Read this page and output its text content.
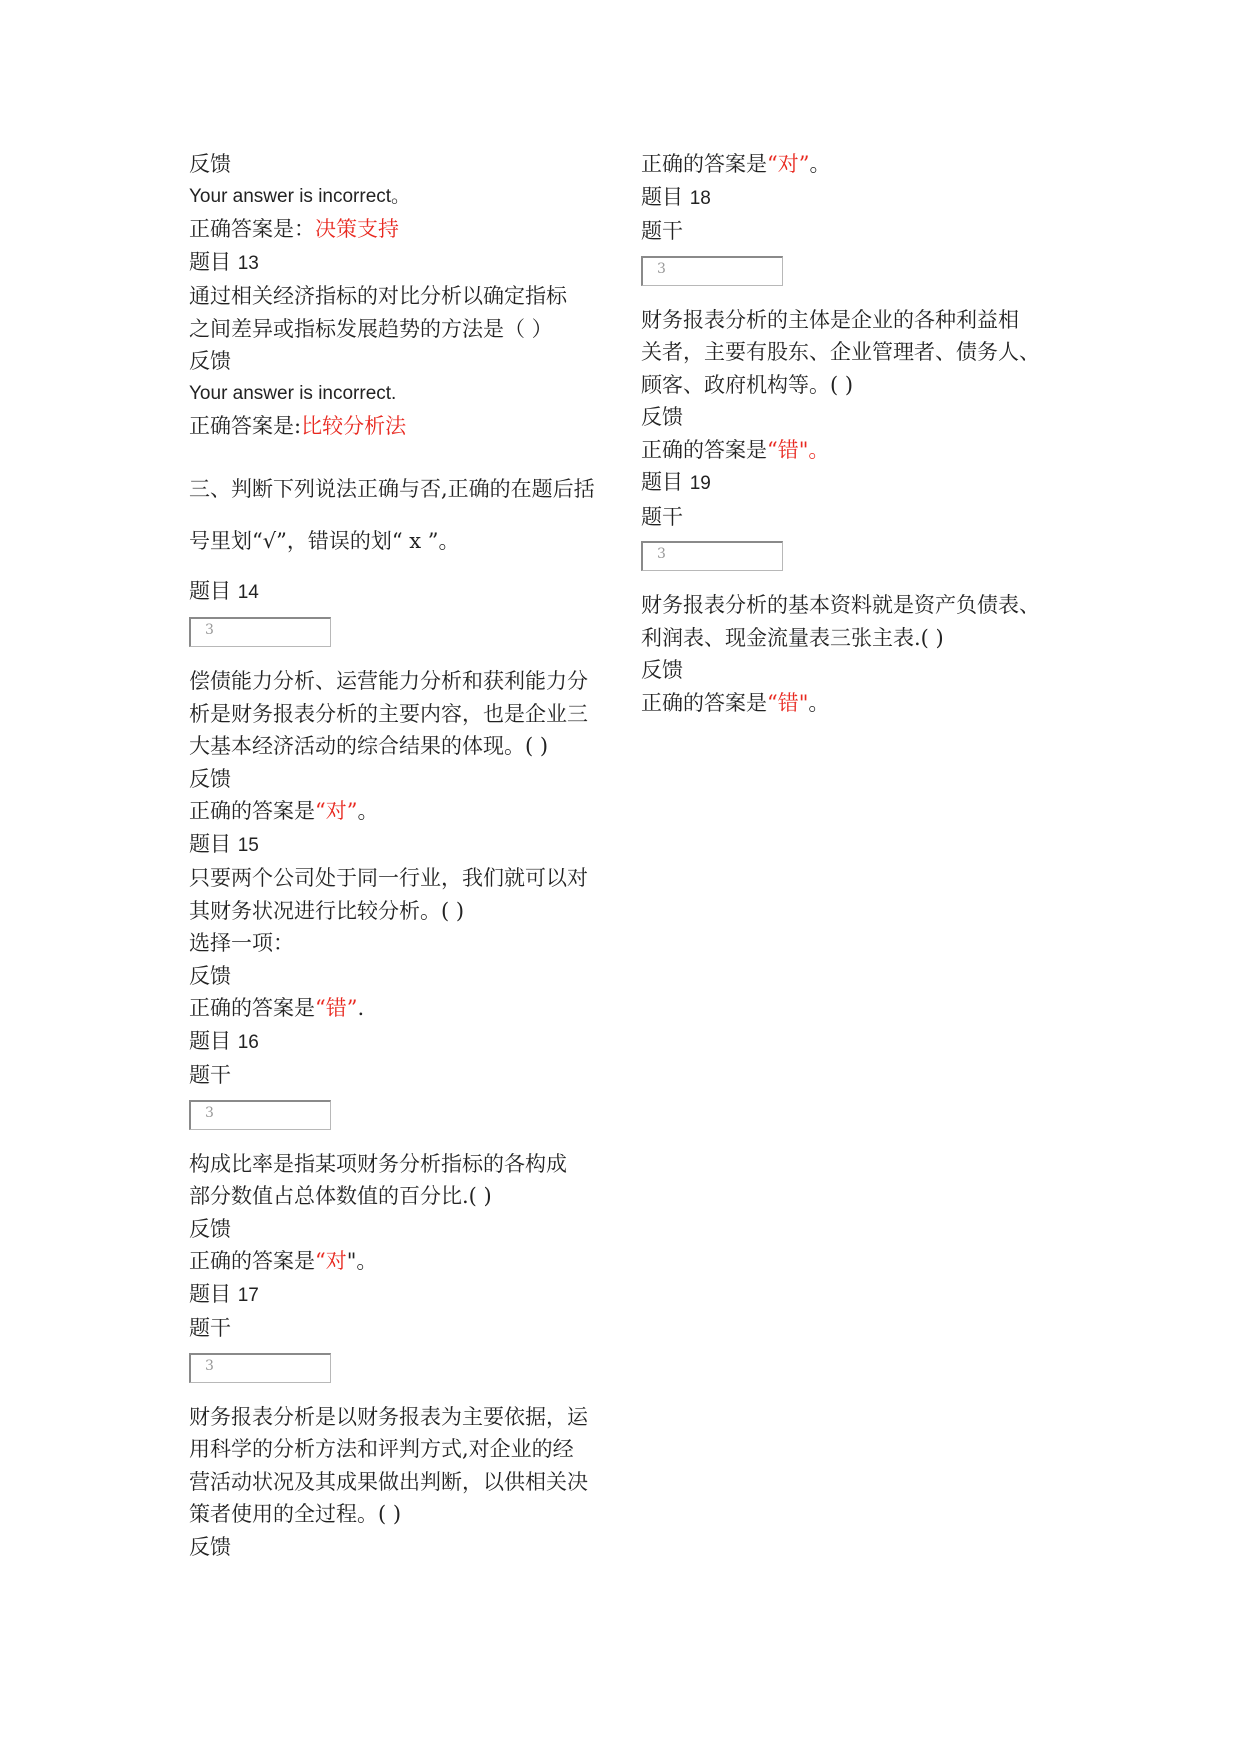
反馈
Your answer is incorrect。
正确答案是：决策支持
题目 13
通过相关经济指标的对比分析以确定指标
之间差异或指标发展趋势的方法是（ ）
反馈
Your answer is incorrect.
正确答案是:比较分析法
三、判断下列说法正确与否,正确的在题后括
号里划“√”，错误的划“ x ”。
题目 14
3
偿债能力分析、运营能力分析和获利能力分
析是财务报表分析的主要内容，也是企业三
大基本经济活动的综合结果的体现。( )
反馈
正确的答案是“对”。
题目 15
只要两个公司处于同一行业，我们就可以对
其财务状况进行比较分析。( )
选择一项：
反馈
正确的答案是“错”.
题目 16
题干
3
构成比率是指某项财务分析指标的各构成
部分数值占总体数值的百分比.( )
反馈
正确的答案是“对"。
题目 17
题干
3
财务报表分析是以财务报表为主要依据，运
用科学的分析方法和评判方式,对企业的经
营活动状况及其成果做出判断，以供相关决
策者使用的全过程。( )
反馈
正确的答案是“对”。
题目 18
题干
3
财务报表分析的主体是企业的各种利益相
关者，主要有股东、企业管理者、债务人、
顾客、政府机构等。( )
反馈
正确的答案是“错"。
题目 19
题干
3
财务报表分析的基本资料就是资产负债表、
利润表、现金流量表三张主表.( )
反馈
正确的答案是“错"。
